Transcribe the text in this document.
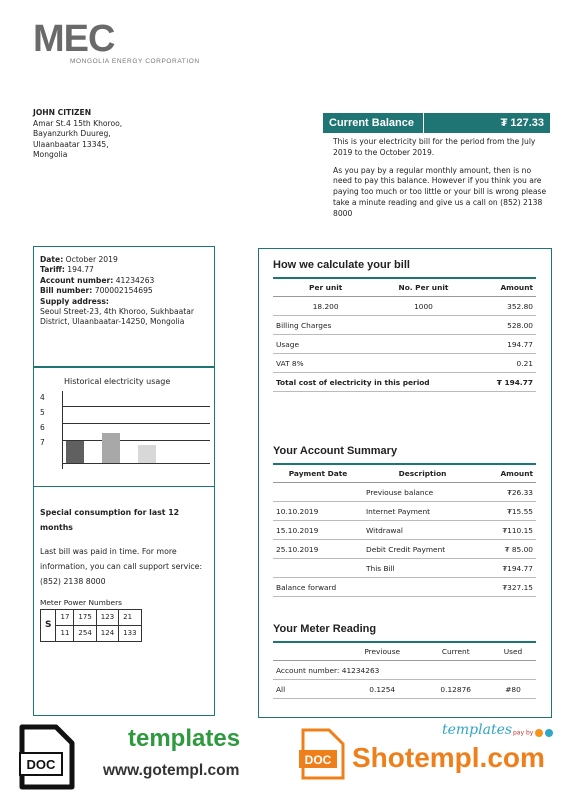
MEC
MONGOLIA ENERGY CORPORATION
JOHN CITIZEN
Amar St.4 15th Khoroo,
Bayanzurkh Duureg,
Ulaanbaatar 13345,
Mongolia
Current Balance	₮ 127.33

This is your electricity bill for the period from the July 2019 to the October 2019.

As you pay by a regular monthly amount, then is no need to pay this balance. However if you think you are paying too much or too little or your bill is wrong please take a minute reading and give us a call on (852) 2138 8000

Date: October 2019
Tariff: 194.77
Account number: 41234263
Bill number: 700002154695
Supply address:
Seoul Street-23, 4th Khoroo, Sukhbaatar District, Ulaanbaatar-14250, Mongolia
Historical electricity usage
4
5
6
7
Special consumption for last 12 months
Last bill was paid in time. For more information, you can call support service: (852) 2138 8000
Meter Power Numbers
S	17	175	123	21
	11	254	124	133
How we calculate your bill
	Per unit	No. Per unit	Amount
	18.200	1000	352.80
Billing Charges			528.00
Usage			194.77
VAT 8%			0.21
Total cost of electricity in this period			₮ 194.77
Your Account Summary
Payment Date	Description	Amount
	Previouse balance	₮26.33
10.10.2019	Internet Payment	₮15.55
15.10.2019	Witdrawal	₮110.15
25.10.2019	Debit Credit Payment	₮ 85.00
	This Bill	₮194.77
Balance forward		₮327.15
Your Meter Reading
	Previouse	Current	Used
Account number: 41234263			
All	0.1254	0.12876	#80
DOC
templates
www.gotempl.com
DOC Shotempl.com
templates pay by
